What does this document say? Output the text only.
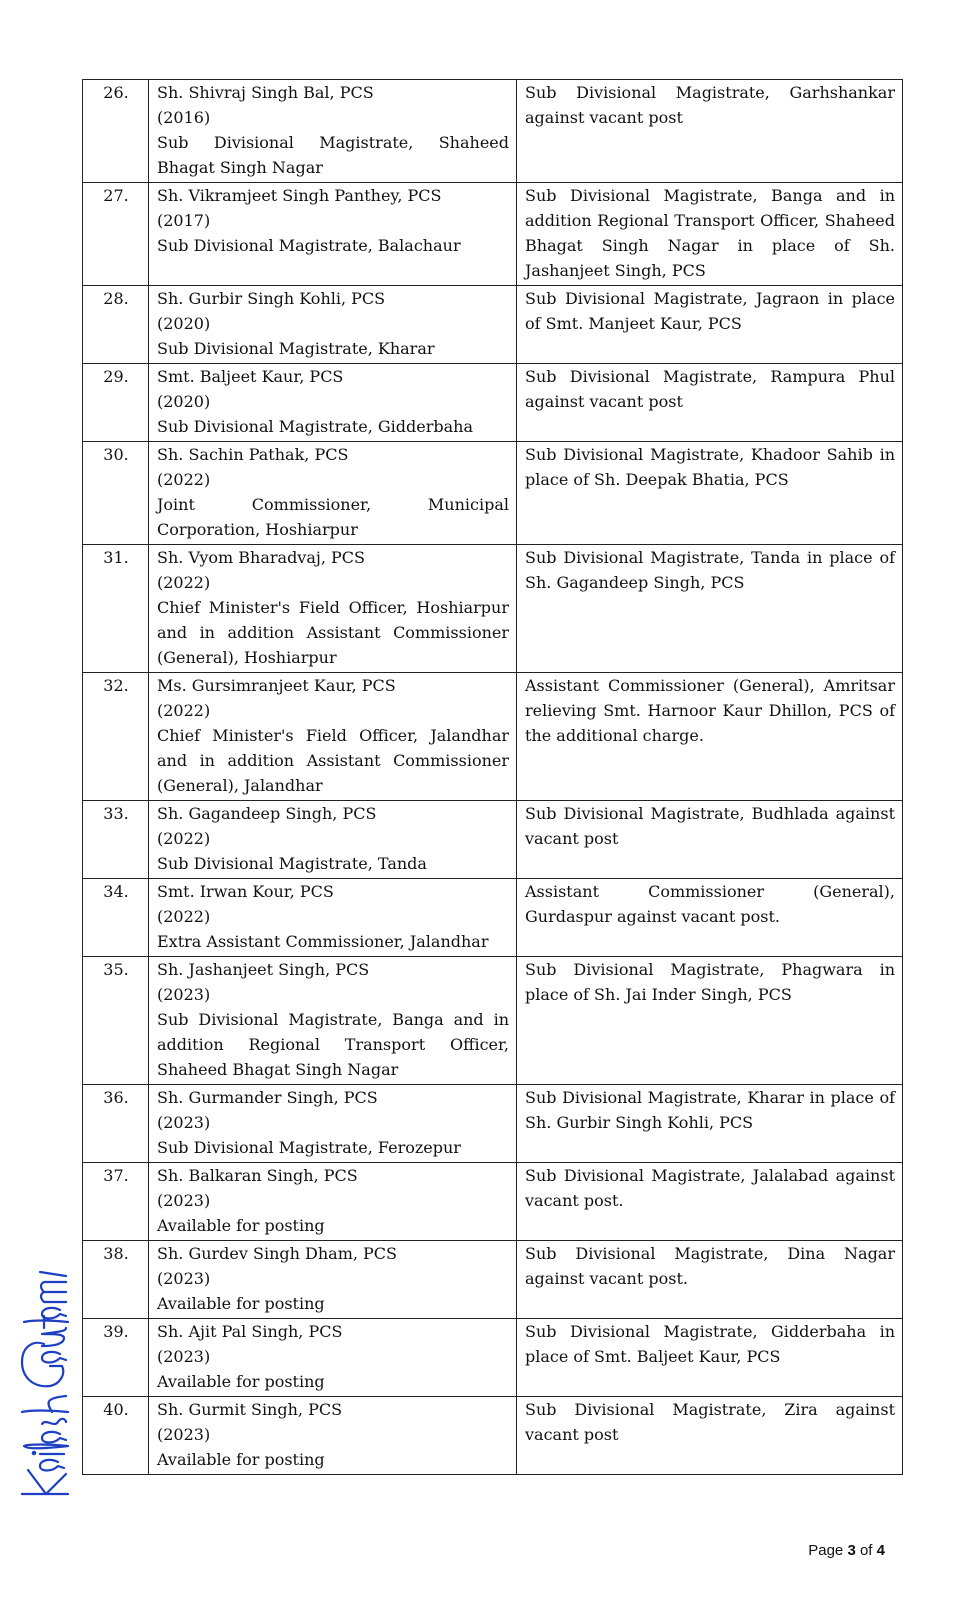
26.	Sh. Shivraj Singh Bal, PCS
(2016)
Sub Divisional Magistrate, Shaheed Bhagat Singh Nagar	Sub Divisional Magistrate, Garhshankar against vacant post
27.	Sh. Vikramjeet Singh Panthey, PCS
(2017)
Sub Divisional Magistrate, Balachaur	Sub Divisional Magistrate, Banga and in addition Regional Transport Officer, Shaheed Bhagat Singh Nagar in place of Sh. Jashanjeet Singh, PCS
28.	Sh. Gurbir Singh Kohli, PCS
(2020)
Sub Divisional Magistrate, Kharar	Sub Divisional Magistrate, Jagraon in place of Smt. Manjeet Kaur, PCS
29.	Smt. Baljeet Kaur, PCS
(2020)
Sub Divisional Magistrate, Gidderbaha	Sub Divisional Magistrate, Rampura Phul against vacant post
30.	Sh. Sachin Pathak, PCS
(2022)
Joint Commissioner, Municipal Corporation, Hoshiarpur	Sub Divisional Magistrate, Khadoor Sahib in place of Sh. Deepak Bhatia, PCS
31.	Sh. Vyom Bharadvaj, PCS
(2022)
Chief Minister's Field Officer, Hoshiarpur and in addition Assistant Commissioner (General), Hoshiarpur	Sub Divisional Magistrate, Tanda in place of Sh. Gagandeep Singh, PCS
32.	Ms. Gursimranjeet Kaur, PCS
(2022)
Chief Minister's Field Officer, Jalandhar and in addition Assistant Commissioner (General), Jalandhar	Assistant Commissioner (General), Amritsar relieving Smt. Harnoor Kaur Dhillon, PCS of the additional charge.
33.	Sh. Gagandeep Singh, PCS
(2022)
Sub Divisional Magistrate, Tanda	Sub Divisional Magistrate, Budhlada against vacant post
34.	Smt. Irwan Kour, PCS
(2022)
Extra Assistant Commissioner, Jalandhar	Assistant Commissioner (General), Gurdaspur against vacant post.
35.	Sh. Jashanjeet Singh, PCS
(2023)
Sub Divisional Magistrate, Banga and in addition Regional Transport Officer, Shaheed Bhagat Singh Nagar	Sub Divisional Magistrate, Phagwara in place of Sh. Jai Inder Singh, PCS
36.	Sh. Gurmander Singh, PCS
(2023)
Sub Divisional Magistrate, Ferozepur	Sub Divisional Magistrate, Kharar in place of Sh. Gurbir Singh Kohli, PCS
37.	Sh. Balkaran Singh, PCS
(2023)
Available for posting	Sub Divisional Magistrate, Jalalabad against vacant post.
38.	Sh. Gurdev Singh Dham, PCS
(2023)
Available for posting	Sub Divisional Magistrate, Dina Nagar against vacant post.
39.	Sh. Ajit Pal Singh, PCS
(2023)
Available for posting	Sub Divisional Magistrate, Gidderbaha in place of Smt. Baljeet Kaur, PCS
40.	Sh. Gurmit Singh, PCS
(2023)
Available for posting	Sub Divisional Magistrate, Zira against vacant post
Page 3 of 4
